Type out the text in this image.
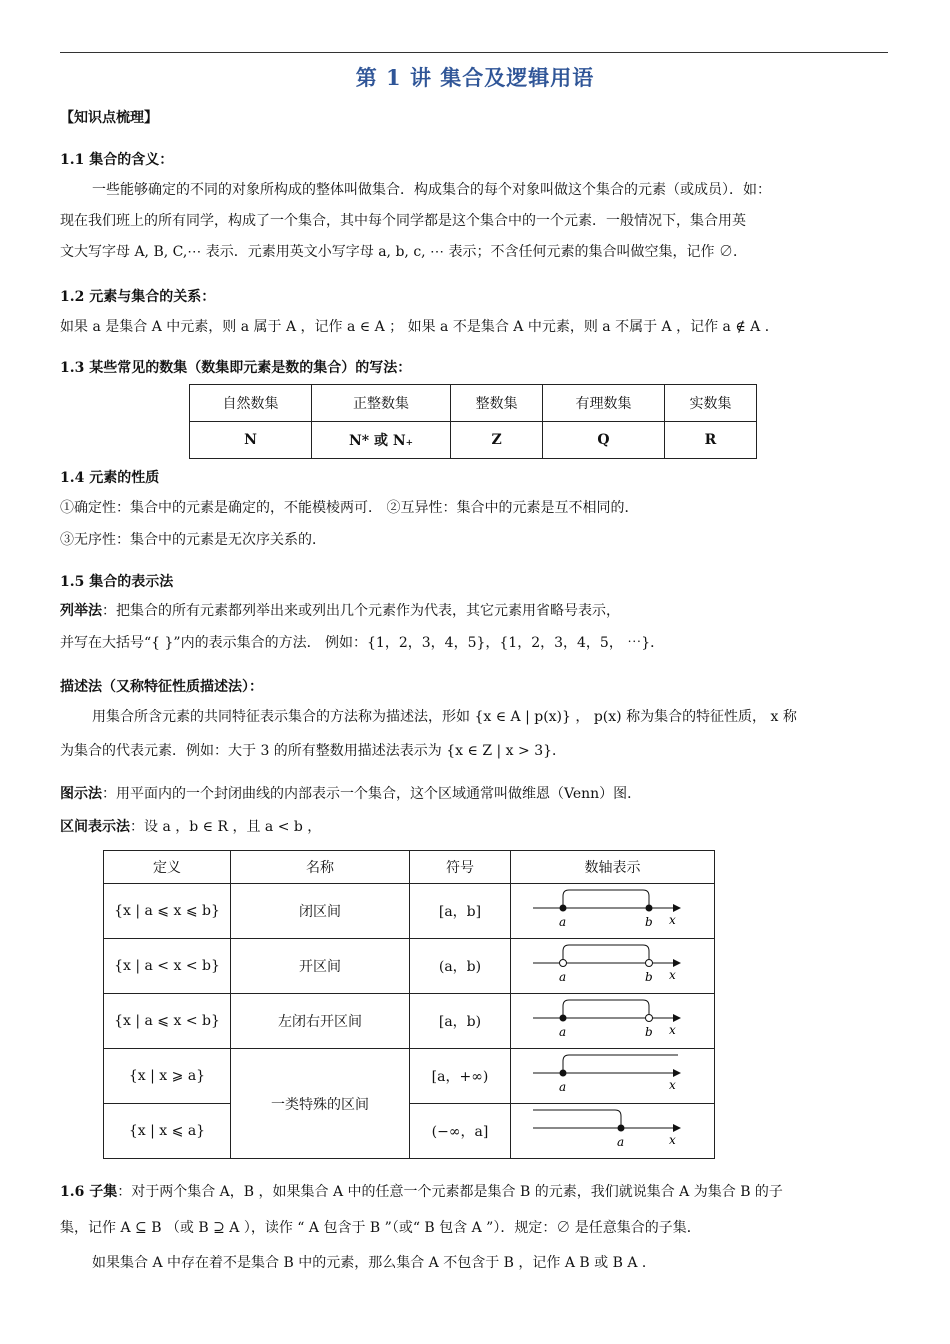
第 1 讲 集合及逻辑用语
【知识点梳理】
1.1 集合的含义：
一些能够确定的不同的对象所构成的整体叫做集合．构成集合的每个对象叫做这个集合的元素（或成员）．如：
现在我们班上的所有同学，构成了一个集合，其中每个同学都是这个集合中的一个元素．一般情况下，集合用英
文大写字母 A, B, C,⋯ 表示．元素用英文小写字母 a, b, c, ⋯ 表示；不含任何元素的集合叫做空集，记作 ∅．
1.2 元素与集合的关系：
如果 a 是集合 A 中元素，则 a 属于 A ，记作 a ∈ A ； 如果 a 不是集合 A 中元素，则 a 不属于 A ，记作 a ∉ A ．
1.3 某些常见的数集（数集即元素是数的集合）的写法：
自然数集	正整数集	整数集	有理数集	实数集
N	N* 或 N₊	Z	Q	R
1.4 元素的性质
①确定性：集合中的元素是确定的，不能模棱两可． ②互异性：集合中的元素是互不相同的．
③无序性：集合中的元素是无次序关系的．
1.5 集合的表示法
列举法：把集合的所有元素都列举出来或列出几个元素作为代表，其它元素用省略号表示，
并写在大括号“{ }”内的表示集合的方法． 例如：{1，2，3，4，5}，{1，2，3，4，5， ⋯}．
描述法（又称特征性质描述法）：
用集合所含元素的共同特征表示集合的方法称为描述法，形如 {x ∈ A | p(x)} ， p(x) 称为集合的特征性质， x 称
为集合的代表元素．例如：大于 3 的所有整数用描述法表示为 {x ∈ Z | x > 3}．
图示法：用平面内的一个封闭曲线的内部表示一个集合，这个区域通常叫做维恩（Venn）图．
区间表示法：设 a ，b ∈ R ，且 a < b ，
定义	名称	符号	数轴表示
{x | a ⩽ x ⩽ b}	闭区间	[a，b]	a b x

{x | a < x < b}	开区间	(a，b)	a b x

{x | a ⩽ x < b}	左闭右开区间	[a，b)	a b x

{x | x ⩾ a}	一类特殊的区间	[a，+∞)	a x

{x | x ⩽ a}		(−∞，a]	a x
1.6 子集：对于两个集合 A，B ，如果集合 A 中的任意一个元素都是集合 B 的元素，我们就说集合 A 为集合 B 的子
集，记作 A ⊆ B （或 B ⊇ A ），读作 “ A 包含于 B ”（或“ B 包含 A ”）．规定：∅ 是任意集合的子集．
如果集合 A 中存在着不是集合 B 中的元素，那么集合 A 不包含于 B ，记作 A B 或 B A ．
